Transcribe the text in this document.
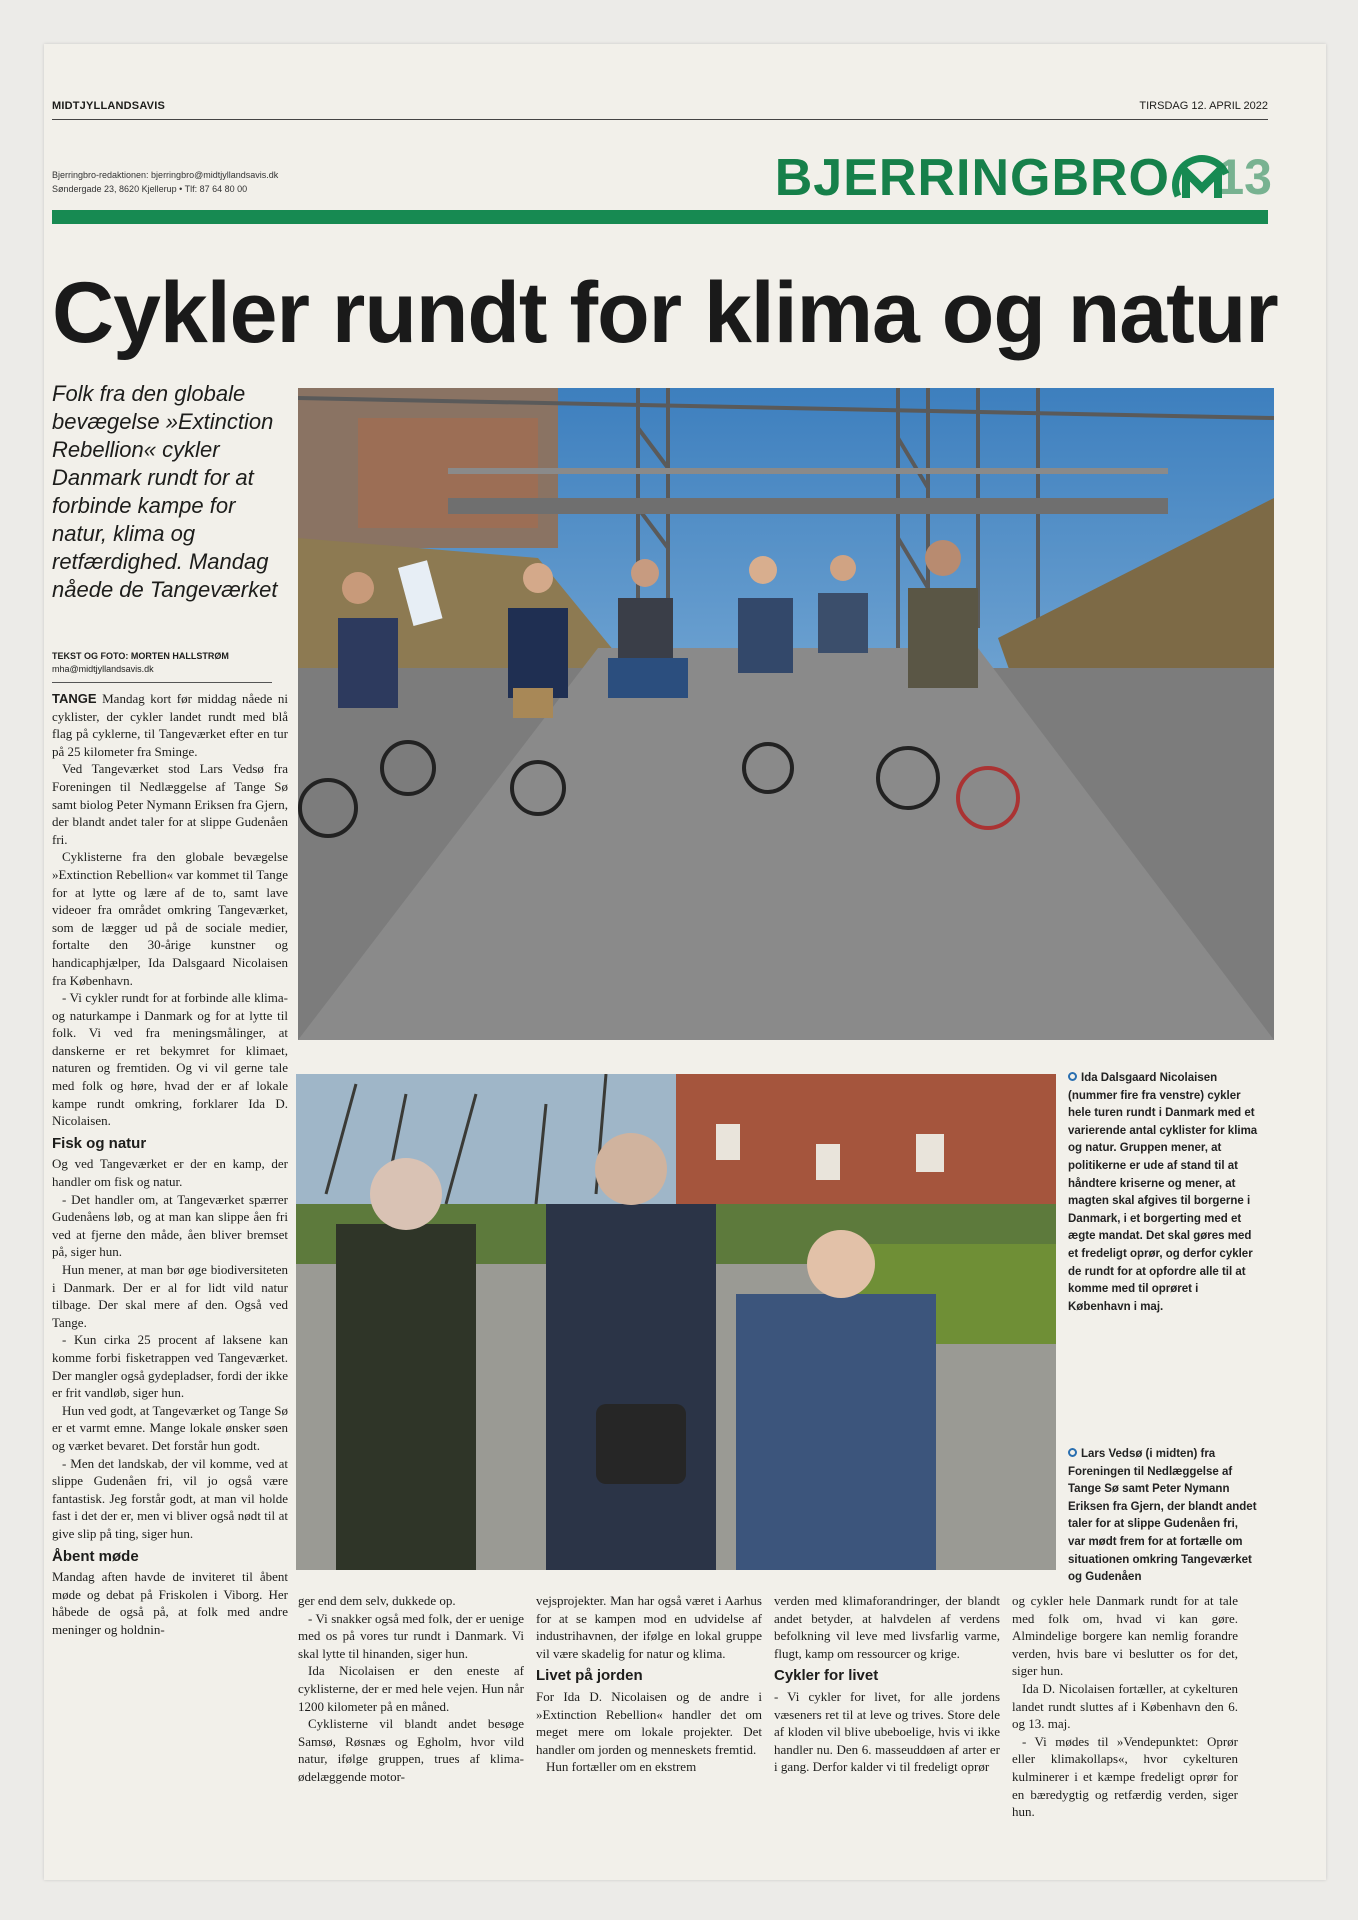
MIDTJYLLANDSAVIS	TIRSDAG 12. APRIL 2022
Bjerringbro-redaktionen: bjerringbro@midtjyllandsavis.dk
Søndergade 23, 8620 Kjellerup • Tlf: 87 64 80 00	BJERRINGBRO 13
Cykler rundt for klima og natur
Folk fra den globale bevægelse »Extinction Rebellion« cykler Danmark rundt for at forbinde kampe for natur, klima og retfærdighed. Mandag nåede de Tangeværket
TEKST OG FOTO: MORTEN HALLSTRØM
mha@midtjyllandsavis.dk
Ida Dalsgaard Nicolaisen (nummer fire fra venstre) cykler hele turen rundt i Danmark med et varierende antal cyklister for klima og natur. Gruppen mener, at politikerne er ude af stand til at håndtere kriserne og mener, at magten skal afgives til borgerne i Danmark, i et borgerting med et ægte mandat. Det skal gøres med et fredeligt oprør, og derfor cykler de rundt for at opfordre alle til at komme med til oprøret i København i maj.
Lars Vedsø (i midten) fra Foreningen til Nedlæggelse af Tange Sø samt Peter Nymann Eriksen fra Gjern, der blandt andet taler for at slippe Gudenåen fri, var mødt frem for at fortælle om situationen omkring Tangeværket og Gudenåen

TANGE Mandag kort før middag nåede ni cyklister, der cykler landet rundt med blå flag på cyklerne, til Tangeværket efter en tur på 25 kilometer fra Sminge.

Ved Tangeværket stod Lars Vedsø fra Foreningen til Nedlæggelse af Tange Sø samt biolog Peter Nymann Eriksen fra Gjern, der blandt andet taler for at slippe Gudenåen fri.

Cyklisterne fra den globale bevægelse »Extinction Rebellion« var kommet til Tange for at lytte og lære af de to, samt lave videoer fra området omkring Tangeværket, som de lægger ud på de sociale medier, fortalte den 30-årige kunstner og handicaphjælper, Ida Dalsgaard Nicolaisen fra København.

- Vi cykler rundt for at forbinde alle klima- og naturkampe i Danmark og for at lytte til folk. Vi ved fra meningsmålinger, at danskerne er ret bekymret for klimaet, naturen og fremtiden. Og vi vil gerne tale med folk og høre, hvad der er af lokale kampe rundt omkring, forklarer Ida D. Nicolaisen.

Fisk og natur

Og ved Tangeværket er der en kamp, der handler om fisk og natur.

- Det handler om, at Tangeværket spærrer Gudenåens løb, og at man kan slippe åen fri ved at fjerne den måde, åen bliver bremset på, siger hun.

Hun mener, at man bør øge biodiversiteten i Danmark. Der er al for lidt vild natur tilbage. Der skal mere af den. Også ved Tange.

- Kun cirka 25 procent af laksene kan komme forbi fisketrappen ved Tangeværket. Der mangler også gydepladser, fordi der ikke er frit vandløb, siger hun.

Hun ved godt, at Tangeværket og Tange Sø er et varmt emne. Mange lokale ønsker søen og værket bevaret. Det forstår hun godt.

- Men det landskab, der vil komme, ved at slippe Gudenåen fri, vil jo også være fantastisk. Jeg forstår godt, at man vil holde fast i det der er, men vi bliver også nødt til at give slip på ting, siger hun.

Åbent møde

Mandag aften havde de inviteret til åbent møde og debat på Friskolen i Viborg. Her håbede de også på, at folk med andre meninger og holdnin-

ger end dem selv, dukkede op.

- Vi snakker også med folk, der er uenige med os på vores tur rundt i Danmark. Vi skal lytte til hinanden, siger hun.

Ida Nicolaisen er den eneste af cyklisterne, der er med hele vejen. Hun når 1200 kilometer på en måned.

Cyklisterne vil blandt andet besøge Samsø, Røsnæs og Egholm, hvor vild natur, ifølge gruppen, trues af klima-ødelæggende motor-

vejsprojekter. Man har også været i Aarhus for at se kampen mod en udvidelse af industrihavnen, der ifølge en lokal gruppe vil være skadelig for natur og klima.

Livet på jorden

For Ida D. Nicolaisen og de andre i »Extinction Rebellion« handler det om meget mere om lokale projekter. Det handler om jorden og menneskets fremtid.

Hun fortæller om en ekstrem

verden med klimaforandringer, der blandt andet betyder, at halvdelen af verdens befolkning vil leve med livsfarlig varme, flugt, kamp om ressourcer og krige.

Cykler for livet

- Vi cykler for livet, for alle jordens væseners ret til at leve og trives. Store dele af kloden vil blive ubeboelige, hvis vi ikke handler nu. Den 6. masseuddøen af arter er i gang. Derfor kalder vi til fredeligt oprør

og cykler hele Danmark rundt for at tale med folk om, hvad vi kan gøre. Almindelige borgere kan nemlig forandre verden, hvis bare vi beslutter os for det, siger hun.

Ida D. Nicolaisen fortæller, at cykelturen landet rundt sluttes af i København den 6. og 13. maj.

- Vi mødes til »Vendepunktet: Oprør eller klimakollaps«, hvor cykelturen kulminerer i et kæmpe fredeligt oprør for en bæredygtig og retfærdig verden, siger hun.
